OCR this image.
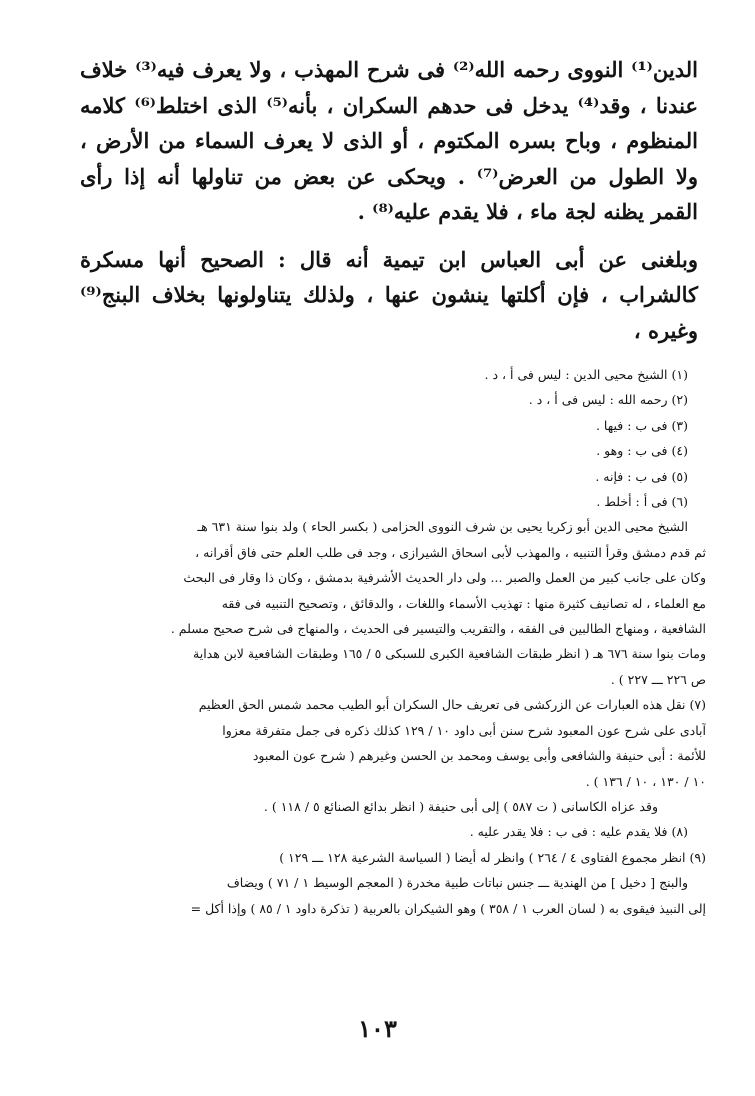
الدين⁽¹⁾ النووى رحمه الله⁽²⁾ فى شرح المهذب ، ولا يعرف فيه⁽³⁾ خلاف عندنا ، وقد⁽⁴⁾ يدخل فى حدهم السكران ، بأنه⁽⁵⁾ الذى اختلط⁽⁶⁾ كلامه المنظوم ، وباح بسره المكتوم ، أو الذى لا يعرف السماء من الأرض ، ولا الطول من العرض⁽⁷⁾ . ويحكى عن بعض من تناولها أنه إذا رأى القمر يظنه لجة ماء ، فلا يقدم عليه⁽⁸⁾ .

وبلغنى عن أبى العباس ابن تيمية أنه قال : الصحيح أنها مسكرة كالشراب ، فإن أكلتها ينشون عنها ، ولذلك يتناولونها بخلاف البنج⁽⁹⁾ وغيره ،

(١) الشيخ محيى الدين : ليس فى أ ، د .

(٢) رحمه الله : ليس فى أ ، د .

(٣) فى ب : فيها .

(٤) فى ب : وهو .

(٥) فى ب : فإنه .

(٦) فى أ : أخلط .

الشيخ محيى الدين أبو زكريا يحيى بن شرف النووى الحزامى ( بكسر الحاء ) ولد بنوا سنة ٦٣١ هـ

ثم قدم دمشق وقرأ التنبيه ، والمهذب لأبى اسحاق الشيرازى ، وجد فى طلب العلم حتى فاق أقرانه ،

وكان على جانب كبير من العمل والصبر ... ولى دار الحديث الأشرفية بدمشق ، وكان ذا وقار فى البحث

مع العلماء ، له تصانيف كثيرة منها : تهذيب الأسماء واللغات ، والدقائق ، وتصحيح التنبيه فى فقه

الشافعية ، ومنهاج الطالبين فى الفقه ، والتقريب والتيسير فى الحديث ، والمنهاج فى شرح صحيح مسلم .

ومات بنوا سنة ٦٧٦ هـ ( انظر طبقات الشافعية الكبرى للسبكى ٥ / ١٦٥ وطبقات الشافعية لابن هداية

ص ٢٢٦ ـــ ٢٢٧ ) .

(٧) نقل هذه العبارات عن الزركشى فى تعريف حال السكران أبو الطيب محمد شمس الحق العظيم

آبادى على شرح عون المعبود شرح سنن أبى داود ١٠ / ١٢٩ كذلك ذكره فى جمل متفرقة معزوا

للأئمة : أبى حنيفة والشافعى وأبى يوسف ومحمد بن الحسن وغيرهم ( شرح عون المعبود

١٠ / ١٣٠ ، ١٠ / ١٣٦ ) .

وقد عزاه الكاسانى ( ت ٥٨٧ ) إلى أبى حنيفة ( انظر بدائع الصنائع ٥ / ١١٨ ) .

(٨) فلا يقدم عليه : فى ب : فلا يقدر عليه .

(٩) انظر مجموع الفتاوى ٤ / ٢٦٤ ) وانظر له أيضا ( السياسة الشرعية ١٢٨ ـــ ١٢٩ )

والبنج [ دخيل ] من الهندية ـــ جنس نباتات طبية مخدرة ( المعجم الوسيط ١ / ٧١ ) ويضاف

إلى النبيذ فيقوى به ( لسان العرب ١ / ٣٥٨ ) وهو الشيكران بالعربية ( تذكرة داود ١ / ٨٥ ) وإذا أكل =

١٠٣
